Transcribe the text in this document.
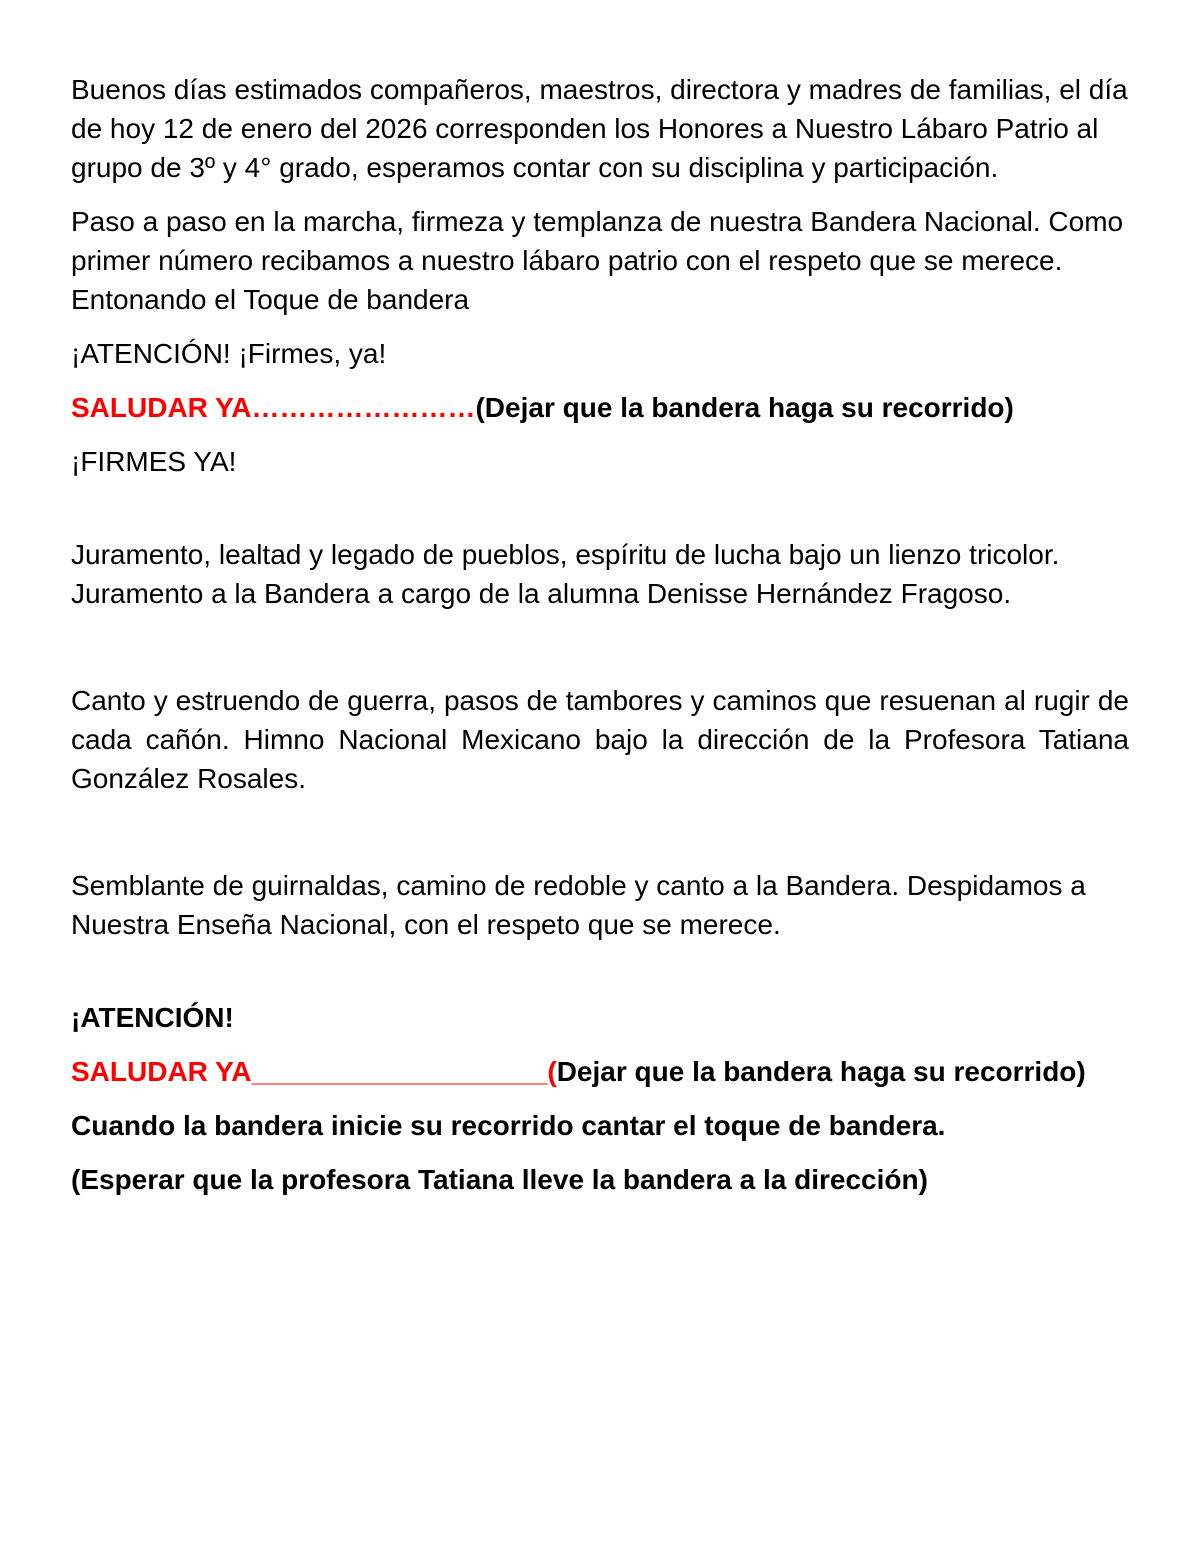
Buenos días estimados compañeros, maestros, directora y madres de familias, el día de hoy 12 de enero del 2026 corresponden los Honores a Nuestro Lábaro Patrio al grupo de 3º y 4° grado, esperamos contar con su disciplina y participación.

Paso a paso en la marcha, firmeza y templanza de nuestra Bandera Nacional. Como primer número recibamos a nuestro lábaro patrio con el respeto que se merece. Entonando el Toque de bandera

¡ATENCIÓN! ¡Firmes, ya!

SALUDAR YA……………………(Dejar que la bandera haga su recorrido)

¡FIRMES YA!

Juramento, lealtad y legado de pueblos, espíritu de lucha bajo un lienzo tricolor. Juramento a la Bandera a cargo de la alumna Denisse Hernández Fragoso.

Canto y estruendo de guerra, pasos de tambores y caminos que resuenan al rugir de cada cañón. Himno Nacional Mexicano bajo la dirección de la Profesora Tatiana González Rosales.

Semblante de guirnaldas, camino de redoble y canto a la Bandera. Despidamos a Nuestra Enseña Nacional, con el respeto que se merece.

¡ATENCIÓN!

SALUDAR YA___________________(Dejar que la bandera haga su recorrido)

Cuando la bandera inicie su recorrido cantar el toque de bandera.

(Esperar que la profesora Tatiana lleve la bandera a la dirección)
